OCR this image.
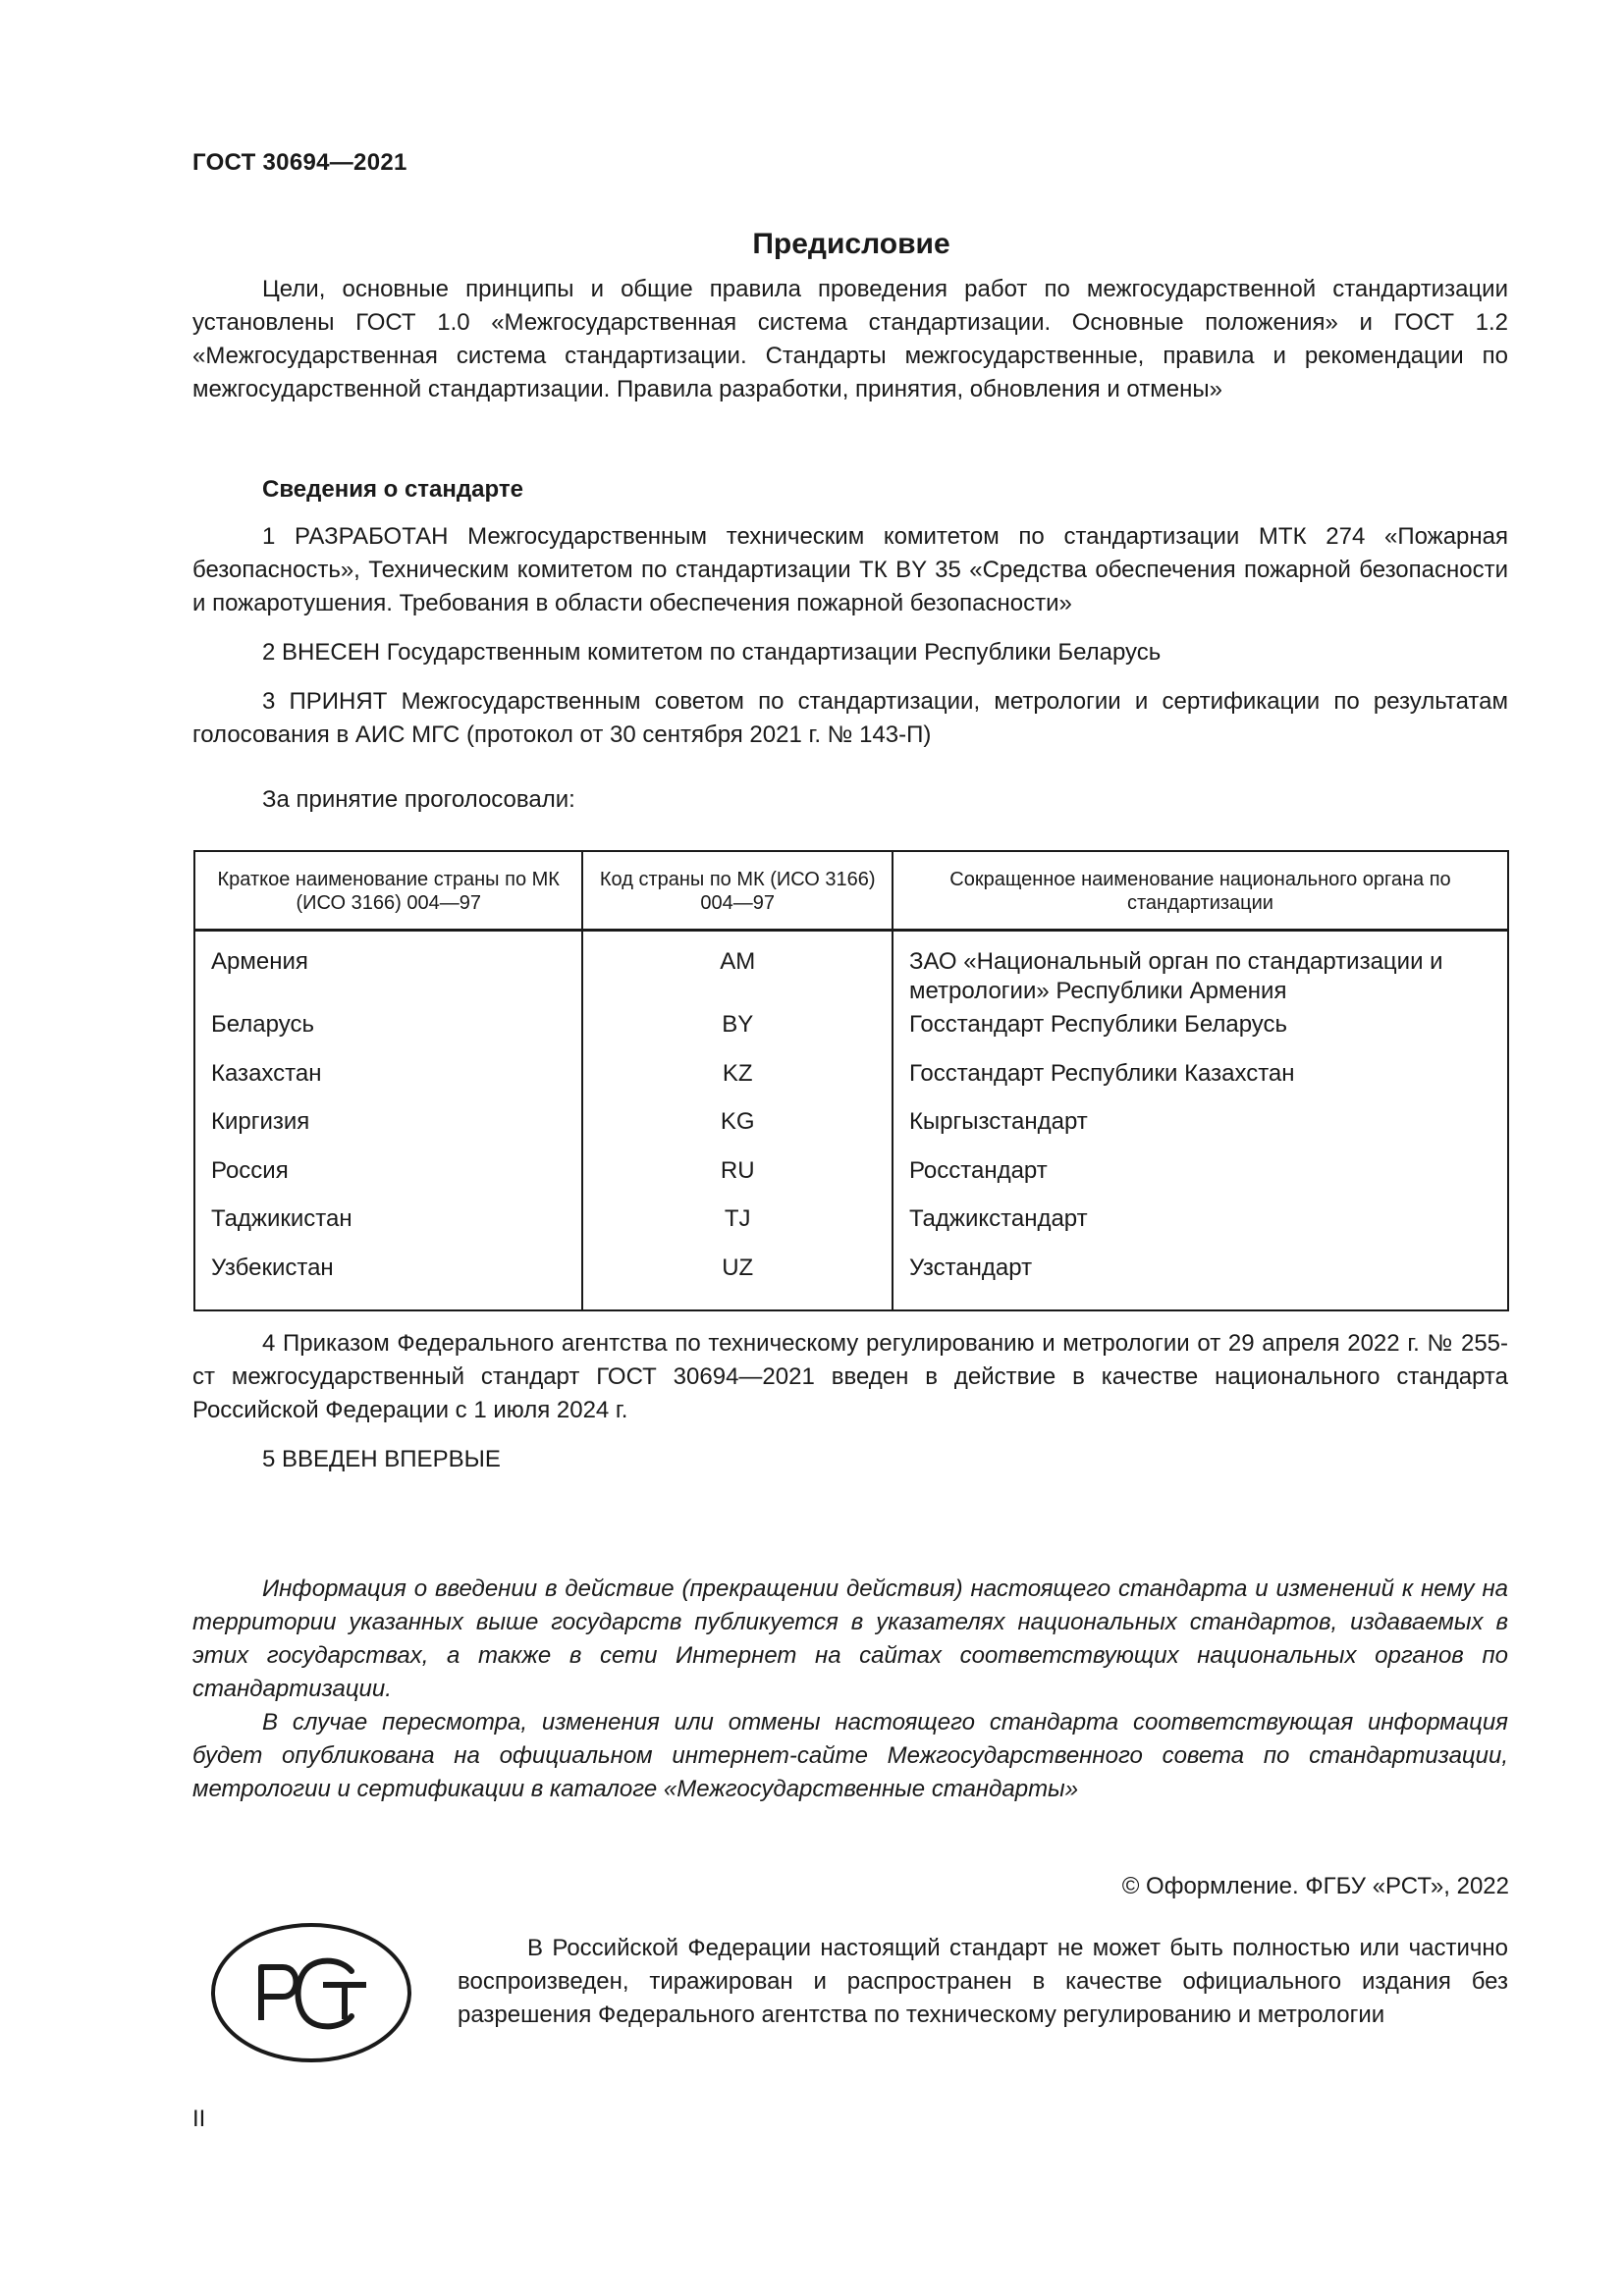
ГОСТ 30694—2021
Предисловие

Цели, основные принципы и общие правила проведения работ по межгосударственной стандартизации установлены ГОСТ 1.0 «Межгосударственная система стандартизации. Основные положения» и ГОСТ 1.2 «Межгосударственная система стандартизации. Стандарты межгосударственные, правила и рекомендации по межгосударственной стандартизации. Правила разработки, принятия, обновления и отмены»

Сведения о стандарте

1 РАЗРАБОТАН Межгосударственным техническим комитетом по стандартизации МТК 274 «Пожарная безопасность», Техническим комитетом по стандартизации ТК BY 35 «Средства обеспечения пожарной безопасности и пожаротушения. Требования в области обеспечения пожарной безопасности»

2 ВНЕСЕН Государственным комитетом по стандартизации Республики Беларусь

3 ПРИНЯТ Межгосударственным советом по стандартизации, метрологии и сертификации по результатам голосования в АИС МГС (протокол от 30 сентября 2021 г. № 143-П)

За принятие проголосовали:

Краткое наименование страны по МК (ИСО 3166) 004—97	Код страны по МК (ИСО 3166) 004—97	Сокращенное наименование национального органа по стандартизации
Армения	AM	ЗАО «Национальный орган по стандартизации и метрологии» Республики Армения
Беларусь	BY	Госстандарт Республики Беларусь
Казахстан	KZ	Госстандарт Республики Казахстан
Киргизия	KG	Кыргызстандарт
Россия	RU	Росстандарт
Таджикистан	TJ	Таджикстандарт
Узбекистан	UZ	Узстандарт

4 Приказом Федерального агентства по техническому регулированию и метрологии от 29 апреля 2022 г. № 255-ст межгосударственный стандарт ГОСТ 30694—2021 введен в действие в качестве национального стандарта Российской Федерации с 1 июля 2024 г.

5 ВВЕДЕН ВПЕРВЫЕ

Информация о введении в действие (прекращении действия) настоящего стандарта и изменений к нему на территории указанных выше государств публикуется в указателях национальных стандартов, издаваемых в этих государствах, а также в сети Интернет на сайтах соответствующих национальных органов по стандартизации.

В случае пересмотра, изменения или отмены настоящего стандарта соответствующая информация будет опубликована на официальном интернет-сайте Межгосударственного совета по стандартизации, метрологии и сертификации в каталоге «Межгосударственные стандарты»

© Оформление. ФГБУ «РСТ», 2022

В Российской Федерации настоящий стандарт не может быть полностью или частично воспроизведен, тиражирован и распространен в качестве официального издания без разрешения Федерального агентства по техническому регулированию и метрологии

II
